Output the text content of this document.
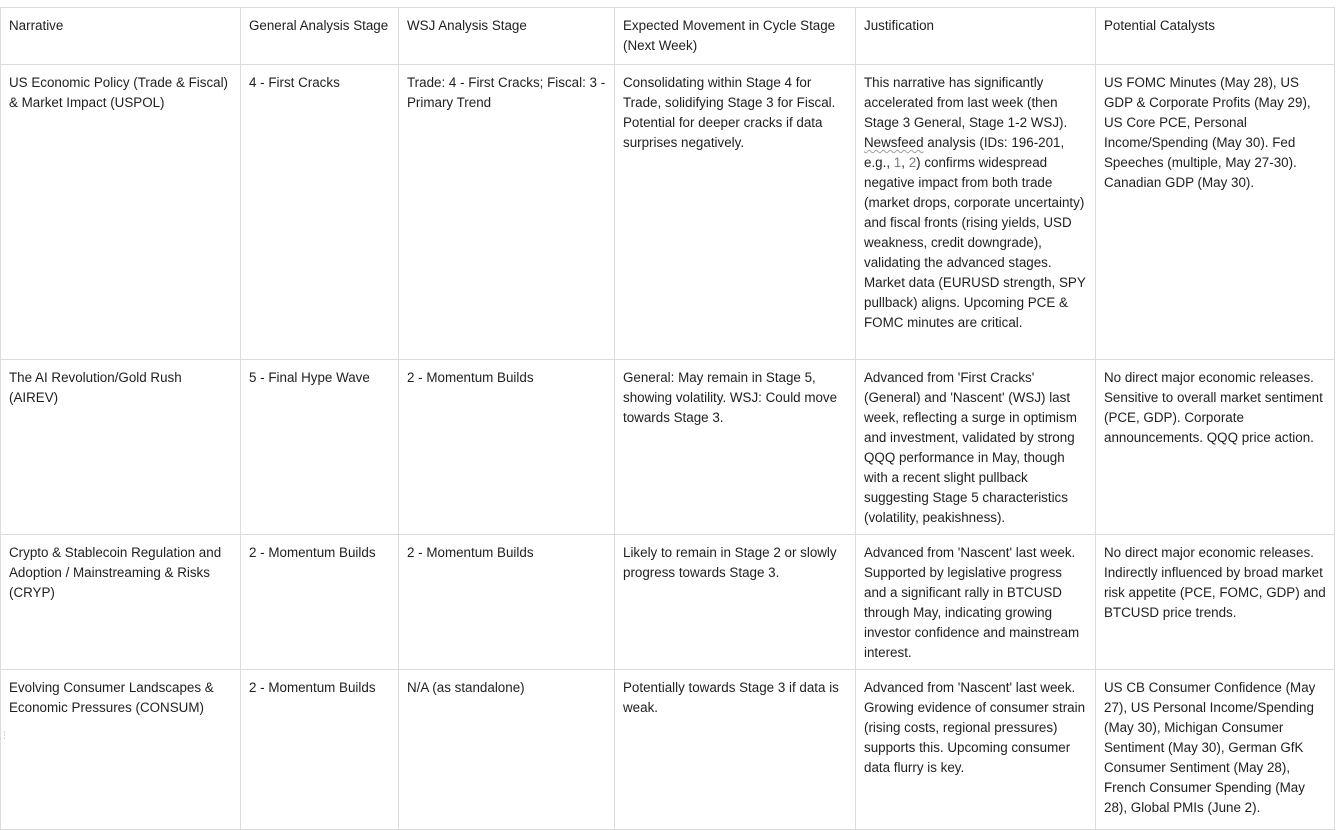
Narrative	General Analysis Stage	WSJ Analysis Stage	Expected Movement in Cycle Stage (Next Week)	Justification	Potential Catalysts
US Economic Policy (Trade & Fiscal) & Market Impact (USPOL)	4 - First Cracks	Trade: 4 - First Cracks; Fiscal: 3 - Primary Trend	Consolidating within Stage 4 for Trade, solidifying Stage 3 for Fiscal. Potential for deeper cracks if data surprises negatively.	This narrative has significantly accelerated from last week (then Stage 3 General, Stage 1-2 WSJ). Newsfeed analysis (IDs: 196-201, e.g., 1, 2) confirms widespread negative impact from both trade (market drops, corporate uncertainty) and fiscal fronts (rising yields, USD weakness, credit downgrade), validating the advanced stages. Market data (EURUSD strength, SPY pullback) aligns. Upcoming PCE & FOMC minutes are critical.	US FOMC Minutes (May 28), US GDP & Corporate Profits (May 29), US Core PCE, Personal Income/Spending (May 30). Fed Speeches (multiple, May 27-30). Canadian GDP (May 30).
The AI Revolution/Gold Rush (AIREV)	5 - Final Hype Wave	2 - Momentum Builds	General: May remain in Stage 5, showing volatility. WSJ: Could move towards Stage 3.	Advanced from 'First Cracks' (General) and 'Nascent' (WSJ) last week, reflecting a surge in optimism and investment, validated by strong QQQ performance in May, though with a recent slight pullback suggesting Stage 5 characteristics (volatility, peakishness).	No direct major economic releases. Sensitive to overall market sentiment (PCE, GDP). Corporate announcements. QQQ price action.
Crypto & Stablecoin Regulation and Adoption / Mainstreaming & Risks (CRYP)	2 - Momentum Builds	2 - Momentum Builds	Likely to remain in Stage 2 or slowly progress towards Stage 3.	Advanced from 'Nascent' last week. Supported by legislative progress and a significant rally in BTCUSD through May, indicating growing investor confidence and mainstream interest.	No direct major economic releases. Indirectly influenced by broad market risk appetite (PCE, FOMC, GDP) and BTCUSD price trends.
Evolving Consumer Landscapes & Economic Pressures (CONSUM)	2 - Momentum Builds	N/A (as standalone)	Potentially towards Stage 3 if data is weak.	Advanced from 'Nascent' last week. Growing evidence of consumer strain (rising costs, regional pressures) supports this. Upcoming consumer data flurry is key.	US CB Consumer Confidence (May 27), US Personal Income/Spending (May 30), Michigan Consumer Sentiment (May 30), German GfK Consumer Sentiment (May 28), French Consumer Spending (May 28), Global PMIs (June 2).
⋮
